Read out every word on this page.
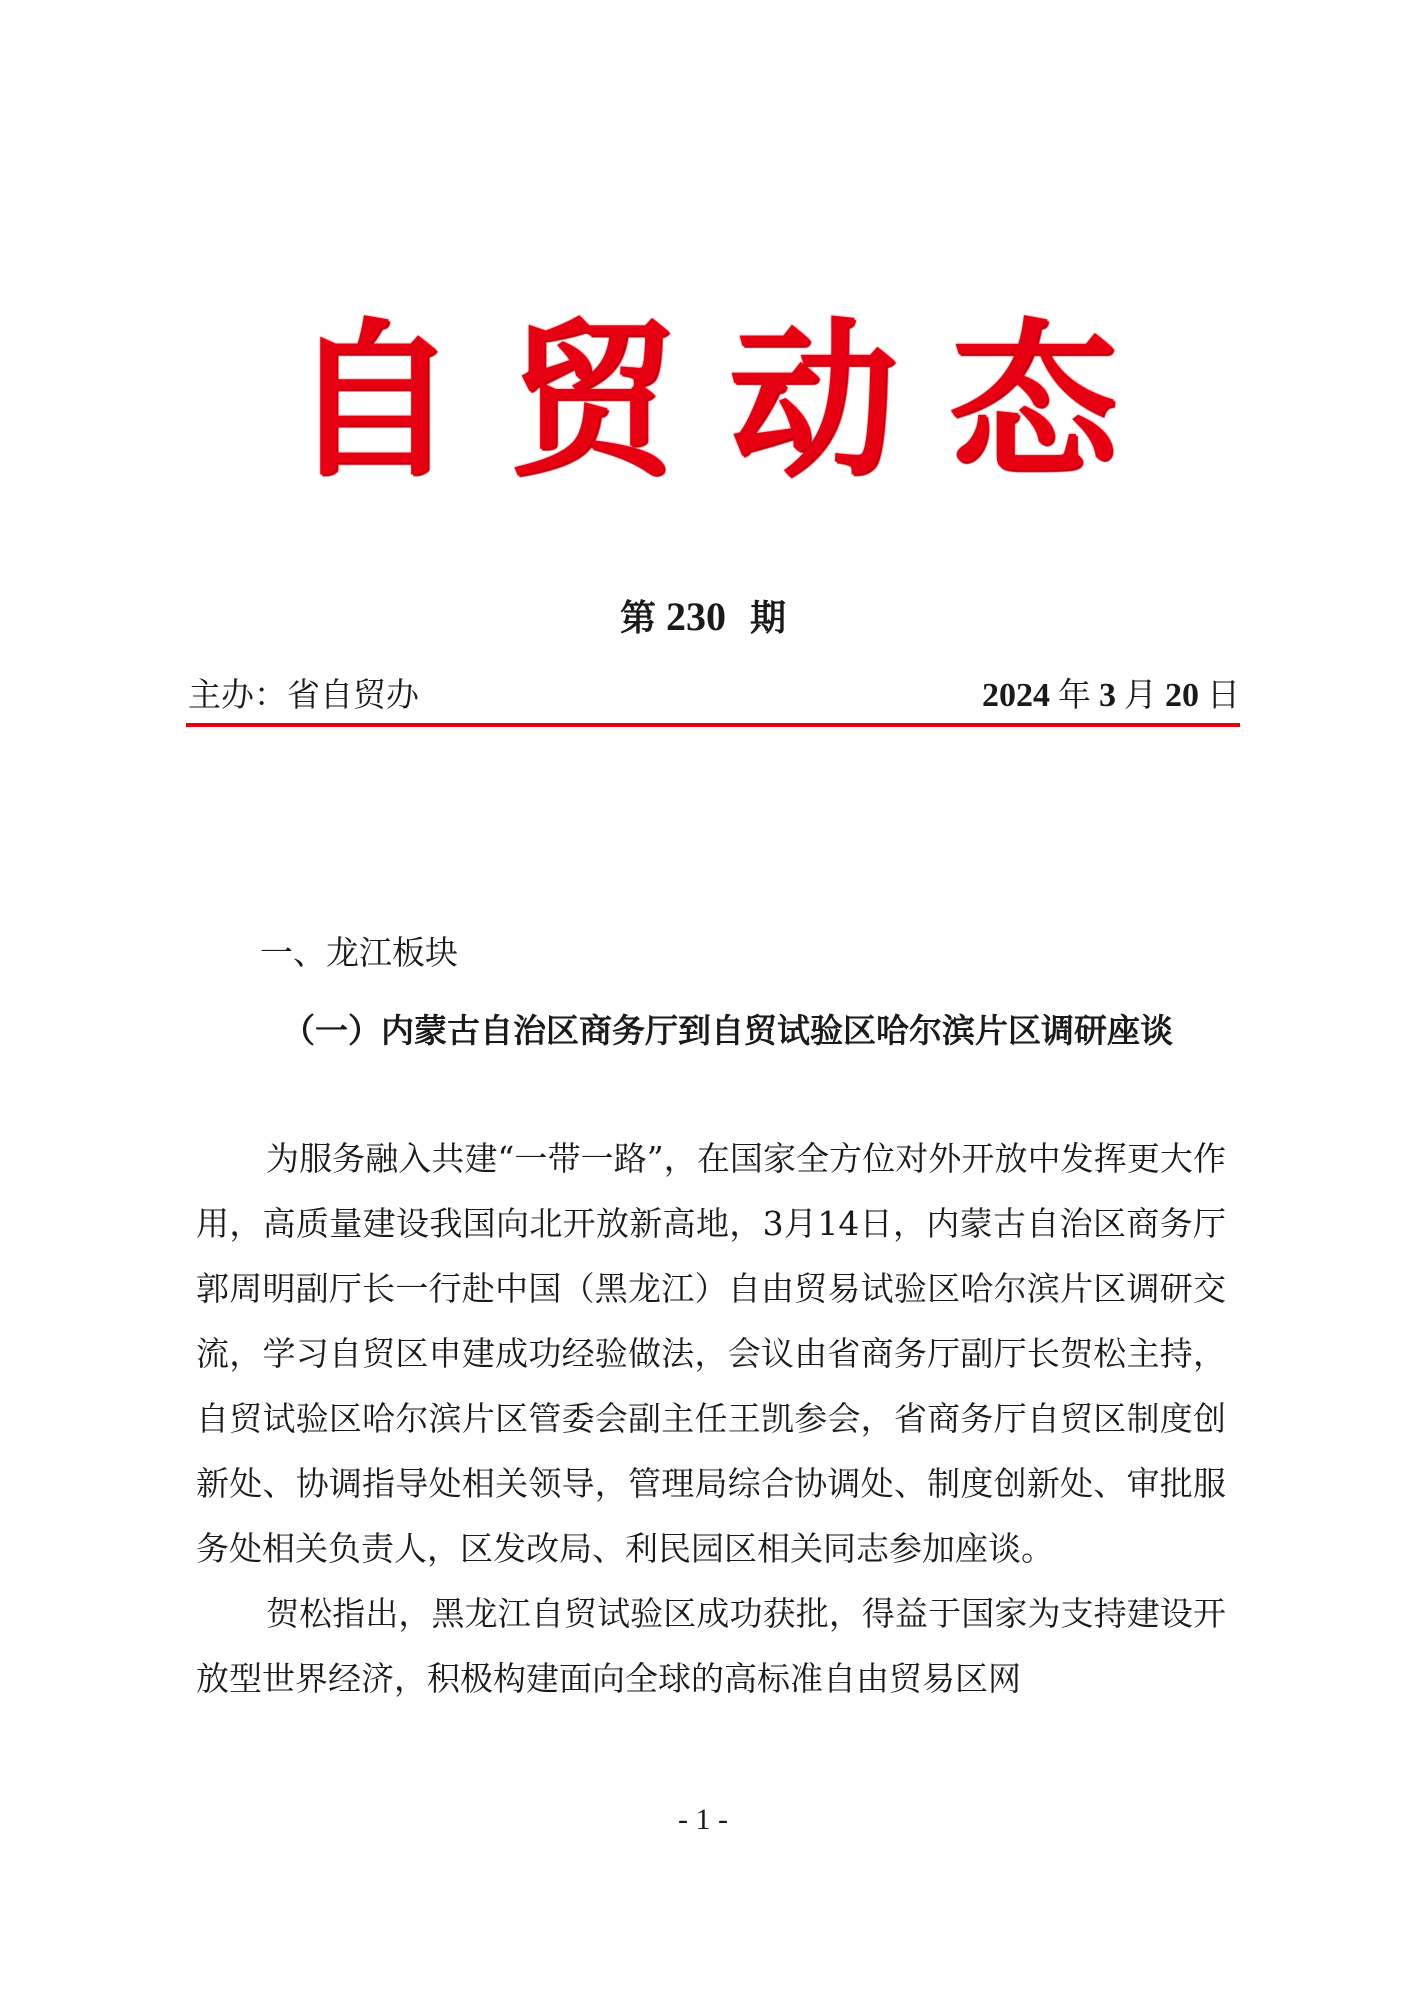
自贸动态
第 230 期
主办：省自贸办	2024 年 3 月 20 日
一、龙江板块
（一）内蒙古自治区商务厅到自贸试验区哈尔滨片区调研座谈

为服务融入共建“一带一路”，在国家全方位对外开放中发挥更大作用，高质量建设我国向北开放新高地，3月14日，内蒙古自治区商务厅郭周明副厅长一行赴中国（黑龙江）自由贸易试验区哈尔滨片区调研交流，学习自贸区申建成功经验做法，会议由省商务厅副厅长贺松主持，自贸试验区哈尔滨片区管委会副主任王凯参会，省商务厅自贸区制度创新处、协调指导处相关领导，管理局综合协调处、制度创新处、审批服务处相关负责人，区发改局、利民园区相关同志参加座谈。

贺松指出，黑龙江自贸试验区成功获批，得益于国家为支持建设开放型世界经济，积极构建面向全球的高标准自由贸易区网

- 1 -
